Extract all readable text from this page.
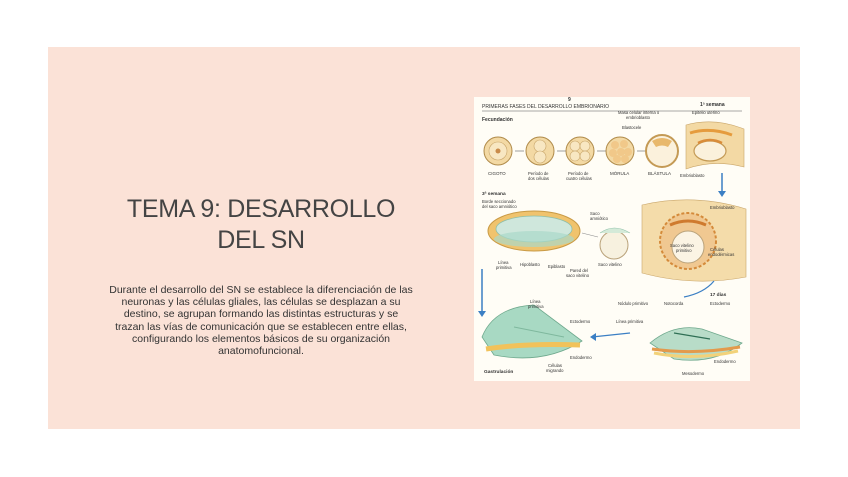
TEMA 9: DESARROLLO
DEL SN

Durante el desarrollo del SN se establece la diferenciación de las neuronas y las células gliales, las células se desplazan a su destino, se agrupan formando las distintas estructuras y se trazan las vías de comunicación que se establecen entre ellas, configurando los elementos básicos de su organización anatomofuncional.

9
PRIMERAS FASES DEL DESARROLLO EMBRIONARIO
Fecundación
1ª semana
Masa celular interna o
embrioblasto
Epitelio uterino
Blastocele
CIGOTO	Período de
dos células
Período de
cuatro células
MÓRULA	BLÁSTULA Embrioblasto
3ª semana
Borde seccionado
del saco amniótico
Saco
amniótico
Línea
primitiva
Hipoblasto Epiblasto
Pared del
saco vitelino
Saco vitelino
Embrioblasto
Saco vitelino
primitivo	Células
endodérmicas
Línea
primitiva
Ectodermo
Endodermo
Células
migrando
Gastrulación
17 días
Nódulo primitivo	Notocorda	Ectodermo
Línea primitiva
Endodermo
Mesodermo
